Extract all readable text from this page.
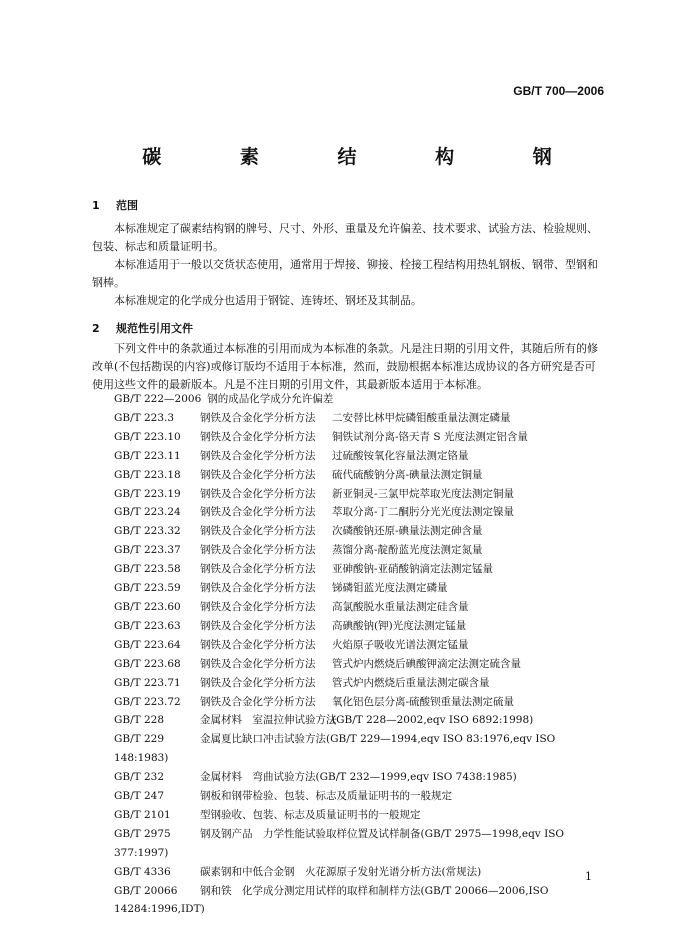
GB/T 700—2006
碳 素 结 构 钢
1 范围
本标准规定了碳素结构钢的牌号、尺寸、外形、重量及允许偏差、技术要求、试验方法、检验规则、包装、标志和质量证明书。
本标准适用于一般以交货状态使用，通常用于焊接、铆接、栓接工程结构用热轧钢板、钢带、型钢和钢棒。
本标准规定的化学成分也适用于钢锭、连铸坯、钢坯及其制品。
2 规范性引用文件
下列文件中的条款通过本标准的引用而成为本标准的条款。凡是注日期的引用文件，其随后所有的修改单(不包括勘误的内容)或修订版均不适用于本标准，然而，鼓励根据本标准达成协议的各方研究是否可使用这些文件的最新版本。凡是不注日期的引用文件，其最新版本适用于本标准。
GB/T 222—2006 钢的成品化学成分允许偏差
GB/T 223.3 钢铁及合金化学分析方法 二安替比林甲烷磷钼酸重量法测定磷量
GB/T 223.10 钢铁及合金化学分析方法 铜铁试剂分离-铬天青 S 光度法测定铝含量
GB/T 223.11 钢铁及合金化学分析方法 过硫酸铵氧化容量法测定铬量
GB/T 223.18 钢铁及合金化学分析方法 硫代硫酸钠分离-碘量法测定铜量
GB/T 223.19 钢铁及合金化学分析方法 新亚铜灵-三氯甲烷萃取光度法测定铜量
GB/T 223.24 钢铁及合金化学分析方法 萃取分离-丁二酮肟分光光度法测定镍量
GB/T 223.32 钢铁及合金化学分析方法 次磷酸钠还原-碘量法测定砷含量
GB/T 223.37 钢铁及合金化学分析方法 蒸馏分离-靛酚蓝光度法测定氮量
GB/T 223.58 钢铁及合金化学分析方法 亚砷酸钠-亚硝酸钠滴定法测定锰量
GB/T 223.59 钢铁及合金化学分析方法 锑磷钼蓝光度法测定磷量
GB/T 223.60 钢铁及合金化学分析方法 高氯酸脱水重量法测定硅含量
GB/T 223.63 钢铁及合金化学分析方法 高碘酸钠(钾)光度法测定锰量
GB/T 223.64 钢铁及合金化学分析方法 火焰原子吸收光谱法测定锰量
GB/T 223.68 钢铁及合金化学分析方法 管式炉内燃烧后碘酸钾滴定法测定硫含量
GB/T 223.71 钢铁及合金化学分析方法 管式炉内燃烧后重量法测定碳含量
GB/T 223.72 钢铁及合金化学分析方法 氧化铝色层分离-硫酸钡重量法测定硫量
GB/T 228	金属材料　室温拉伸试验方法(GB/T 228—2002,eqv ISO 6892:1998)
GB/T 229	金属夏比缺口冲击试验方法(GB/T 229—1994,eqv ISO 83:1976,eqv ISO 148:1983)
GB/T 232	金属材料　弯曲试验方法(GB/T 232—1999,eqv ISO 7438:1985)
GB/T 247	钢板和钢带检验、包装、标志及质量证明书的一般规定
GB/T 2101	型钢验收、包装、标志及质量证明书的一般规定
GB/T 2975	钢及钢产品　力学性能试验取样位置及试样制备(GB/T 2975—1998,eqv ISO 377:1997)
GB/T 4336	碳素钢和中低合金钢　火花源原子发射光谱分析方法(常规法)
GB/T 20066 钢和铁　化学成分测定用试样的取样和制样方法(GB/T 20066—2006,ISO 14284:1996,IDT)
1
